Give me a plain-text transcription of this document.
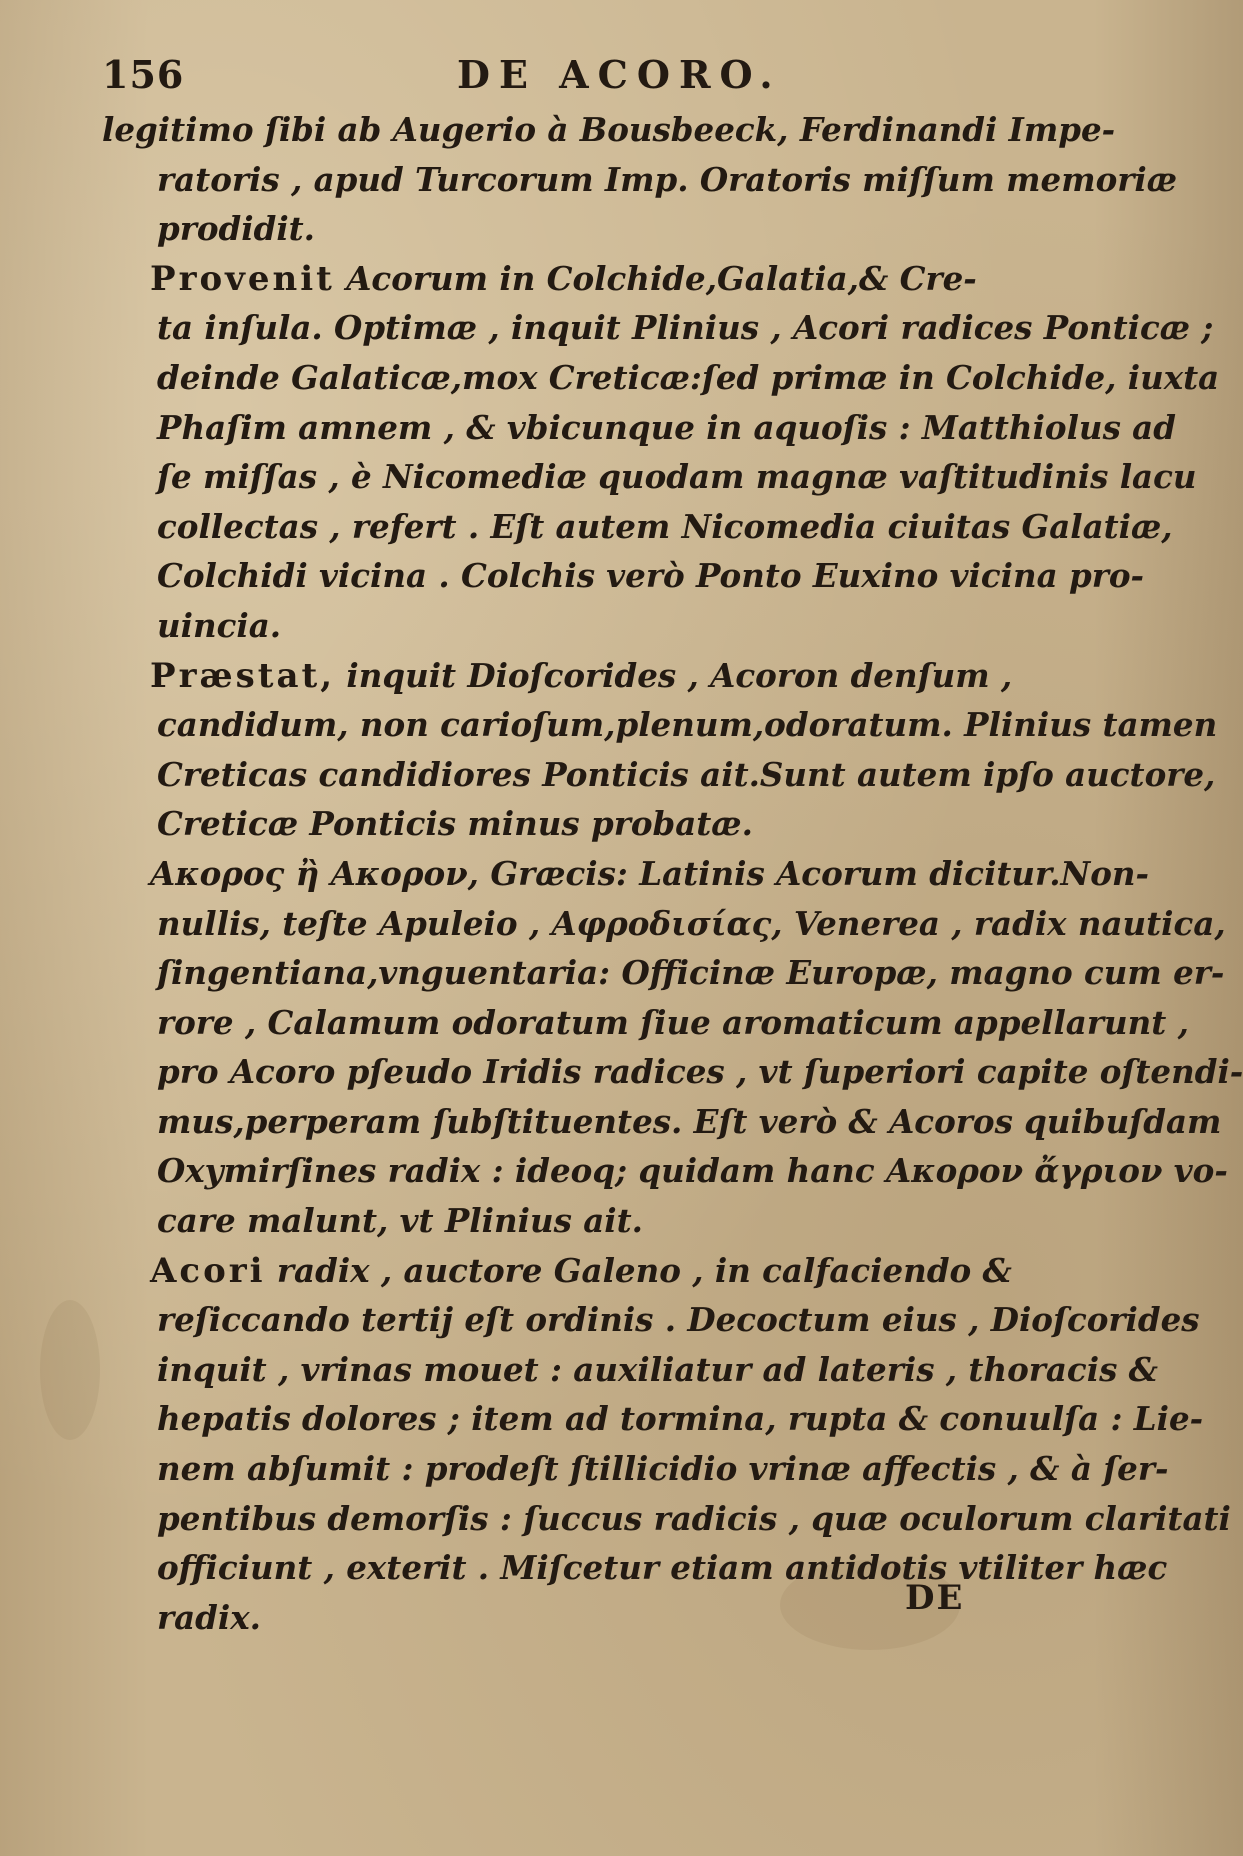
156	DE ACORO.
legitimo ſibi ab Augerio à Bousbeeck, Ferdinandi Impe-
ratoris , apud Turcorum Imp. Oratoris miſſum memoriæ
prodidit.
Provenit Acorum in Colchide,Galatia,& Cre-
ta inſula. Optimæ , inquit Plinius , Acori radices Ponticæ ;
deinde Galaticæ,mox Creticæ:ſed primæ in Colchide, iuxta
Phaſim amnem , & vbicunque in aquoſis : Matthiolus ad
ſe miſſas , è Nicomediæ quodam magnæ vaſtitudinis lacu
collectas , refert . Eſt autem Nicomedia ciuitas Galatiæ,
Colchidi vicina . Colchis verò Ponto Euxino vicina pro-
uincia.
Præstat, inquit Dioſcorides , Acoron denſum ,
candidum, non carioſum,plenum,odoratum. Plinius tamen
Creticas candidiores Ponticis ait.Sunt autem ipſo auctore,
Creticæ Ponticis minus probatæ.
Ακορος ἢ Ακορον, Græcis: Latinis Acorum dicitur.Non-
nullis, teſte Apuleio , Αφροδισίας, Venerea , radix nautica,
ſingentiana,vnguentaria: Officinæ Europæ, magno cum er-
rore , Calamum odoratum ſiue aromaticum appellarunt ,
pro Acoro pſeudo Iridis radices , vt ſuperiori capite oſtendi-
mus,perperam ſubſtituentes. Eſt verò & Acoros quibuſdam
Oxymirſines radix : ideoq; quidam hanc Ακορον ἄγριον vo-
care malunt, vt Plinius ait.
Acori radix , auctore Galeno , in calfaciendo &
reſiccando tertij eſt ordinis . Decoctum eius , Dioſcorides
inquit , vrinas mouet : auxiliatur ad lateris , thoracis &
hepatis dolores ; item ad tormina, rupta & conuulſa : Lie-
nem abſumit : prodeſt ſtillicidio vrinæ affectis , & à ſer-
pentibus demorſis : ſuccus radicis , quæ oculorum claritati
officiunt , exterit . Miſcetur etiam antidotis vtiliter hæc
radix.	DE
